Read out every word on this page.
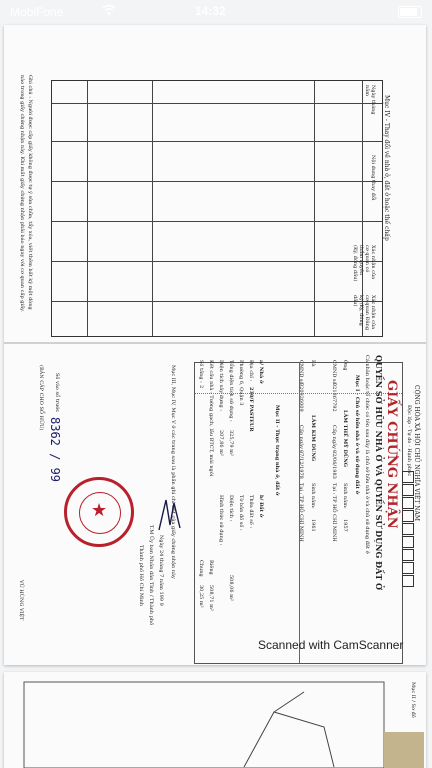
MobiFone	14:32
Mục IV - Thay đổi về nhà ở, đất ở hoặc thế chấp
Ngày tháng năm
Nội dung thay đổi
Xác nhận của cơ quan có thẩm quyền (Ký, đóng dấu)
Xác nhận của cơ quan Đăng ký (Ký, đóng dấu)
Ghi chú : Người được cấp giấy không được tự ý sửa chữa, tẩy xóa, viết thêm bất kỳ một dòng nào trong giấy chứng nhận này. Khi mất giấy chứng nhận phải báo ngay với cơ quan cấp giấy.
CỘNG HÒA XÃ HỘI CHỦ NGHĨA VIỆT NAM
Độc lập - Tự do - Hạnh phúc
GIẤY CHỨNG NHẬN
QUYỀN SỞ HỮU NHÀ Ở VÀ QUYỀN SỬ DỤNG ĐẤT Ở
Cá nhân hoặc tổ chức có tên sau đây là chủ sở hữu nhà ở và chủ sử dụng đất ở
Mục I - Chủ sở hữu nhà ở và sử dụng đất ở
Ông
LÂM THẾ MỸ DŨNG
Sinh năm:
1957
CMND số
021867792
Cấp ngày :
02/06/1983
Tại : TP HỒ CHÍ MINH
Bà
LÂM KIM DUNG
Sinh năm:
1961
CMND số
020926009
Cấp ngày :
07/12/1978
Tại : TP HỒ CHÍ MINH
Mục II - Thực trạng nhà ở, đất ở
a/ Nhà ở
Địa chỉ :
230/F PASTEUR
Phường 6, Quận 3
Tổng diện tích sử dụng :
325,79 m²
Diện tích xây dựng :
207,86 m²
Kết cấu nhà : Tường gạch, lầu BTCT, mái ngói
Số tầng :
2
b/ Đất ở
Thửa đất số :
Tờ bản đồ số :
Diện tích :
508,06 m²
Hình thức sử dụng :
Riêng
508,71 m²
Chung
30,25 m²
Mục III, Mục IV, Mục V ở các trang sau là phần ghi chi tiết của giấy chứng nhận này
Ngày 24 tháng 7 năm 199 9
T.M Ủy ban Nhân dân Tỉnh / Thành phố
Thành phố Hồ Chí Minh
★
Số vào sổ trước
8362 / 99
(BẢN CẤP CHO SỔ HỮU)
VŨ HÙNG VIỆT
Scanned with CamScanner
Mục II / Sơ đồ
